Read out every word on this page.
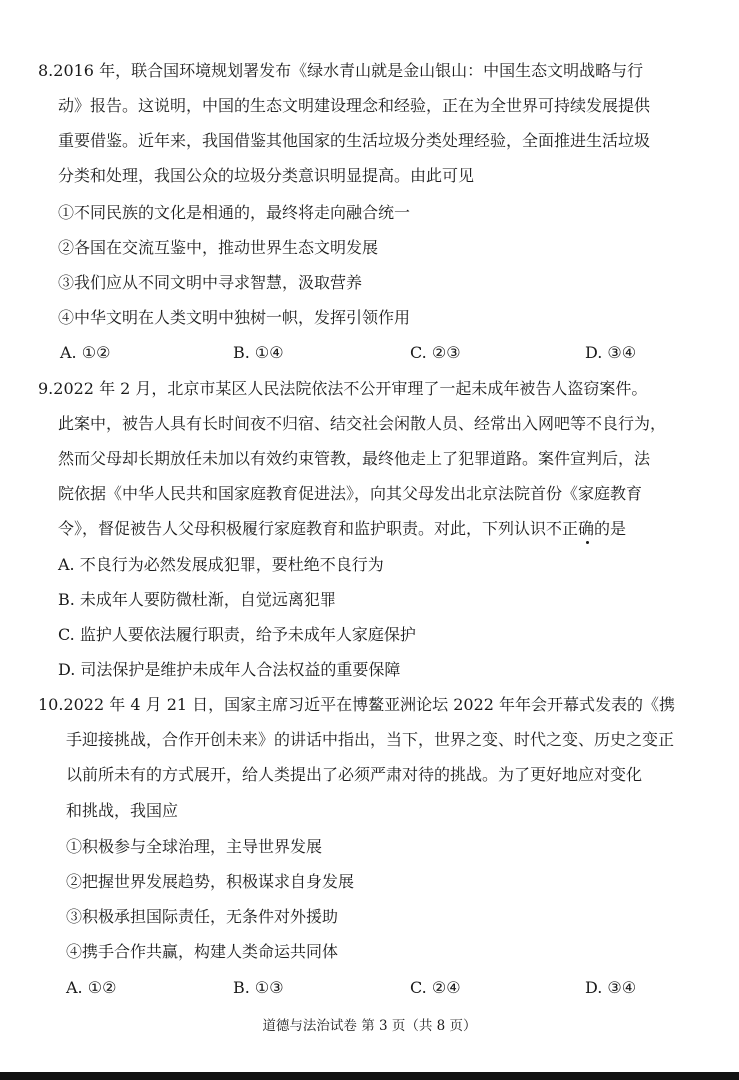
8.2016 年，联合国环境规划署发布《绿水青山就是金山银山：中国生态文明战略与行
动》报告。这说明，中国的生态文明建设理念和经验，正在为全世界可持续发展提供
重要借鉴。近年来，我国借鉴其他国家的生活垃圾分类处理经验，全面推进生活垃圾
分类和处理，我国公众的垃圾分类意识明显提高。由此可见
①不同民族的文化是相通的，最终将走向融合统一
②各国在交流互鉴中，推动世界生态文明发展
③我们应从不同文明中寻求智慧，汲取营养
④中华文明在人类文明中独树一帜，发挥引领作用
A. ①②	B. ①④	C. ②③	D. ③④
9.2022 年 2 月，北京市某区人民法院依法不公开审理了一起未成年被告人盗窃案件。
此案中，被告人具有长时间夜不归宿、结交社会闲散人员、经常出入网吧等不良行为，
然而父母却长期放任未加以有效约束管教，最终他走上了犯罪道路。案件宣判后，法
院依据《中华人民共和国家庭教育促进法》，向其父母发出北京法院首份《家庭教育
令》，督促被告人父母积极履行家庭教育和监护职责。对此，下列认识不正确的是
A. 不良行为必然发展成犯罪，要杜绝不良行为
B. 未成年人要防微杜渐，自觉远离犯罪
C. 监护人要依法履行职责，给予未成年人家庭保护
D. 司法保护是维护未成年人合法权益的重要保障
10.2022 年 4 月 21 日，国家主席习近平在博鳌亚洲论坛 2022 年年会开幕式发表的《携
手迎接挑战，合作开创未来》的讲话中指出，当下，世界之变、时代之变、历史之变正
以前所未有的方式展开，给人类提出了必须严肃对待的挑战。为了更好地应对变化
和挑战，我国应
①积极参与全球治理，主导世界发展
②把握世界发展趋势，积极谋求自身发展
③积极承担国际责任，无条件对外援助
④携手合作共赢，构建人类命运共同体
A. ①②	B. ①③	C. ②④	D. ③④
道德与法治试卷 第 3 页（共 8 页）
